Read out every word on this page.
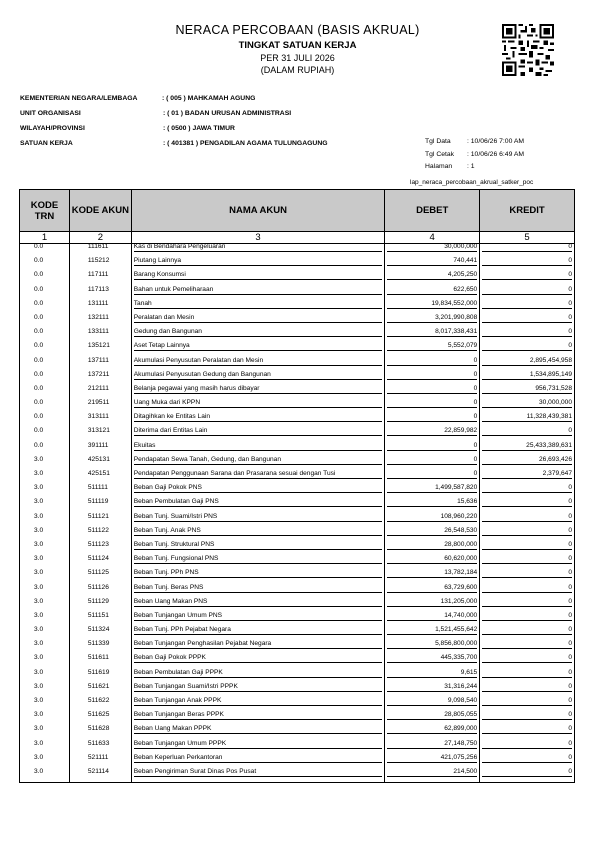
NERACA PERCOBAAN (BASIS AKRUAL)
TINGKAT SATUAN KERJA
PER 31 JULI 2026
(DALAM RUPIAH)
KEMENTERIAN NEGARA/LEMBAGA	: ( 005 ) MAHKAMAH AGUNG
UNIT ORGANISASI	: ( 01 ) BADAN URUSAN ADMINISTRASI
WILAYAH/PROVINSI	: ( 0500 ) JAWA TIMUR
SATUAN KERJA	: ( 401381 ) PENGADILAN AGAMA TULUNGAGUNG	Tgl Data : 10/06/26 7:00 AM
Tgl Cetak : 10/06/26 6:49 AM
Halaman : 1
lap_neraca_percobaan_akrual_satker_poc
KODE TRN	KODE AKUN	NAMA AKUN	DEBET	KREDIT
1	2	3	4	5
0.0	111611	Kas di Bendahara Pengeluaran	30,000,000	0

0.0	115212	Piutang Lainnya	740,441	0

0.0	117111	Barang Konsumsi	4,205,250	0

0.0	117113	Bahan untuk Pemeliharaan	622,650	0

0.0	131111	Tanah	19,834,552,000	0

0.0	132111	Peralatan dan Mesin	3,201,990,808	0

0.0	133111	Gedung dan Bangunan	8,017,338,431	0

0.0	135121	Aset Tetap Lainnya	5,552,079	0

0.0	137111	Akumulasi Penyusutan Peralatan dan Mesin	0	2,895,454,958

0.0	137211	Akumulasi Penyusutan Gedung dan Bangunan	0	1,534,895,149

0.0	212111	Belanja pegawai yang masih harus dibayar	0	956,731,528

0.0	219511	Uang Muka dari KPPN	0	30,000,000

0.0	313111	Ditagihkan ke Entitas Lain	0	11,328,439,381

0.0	313121	Diterima dari Entitas Lain	22,859,982	0

0.0	391111	Ekuitas	0	25,433,389,631

3.0	425131	Pendapatan Sewa Tanah, Gedung, dan Bangunan	0	26,693,426

3.0	425151	Pendapatan Penggunaan Sarana dan Prasarana sesuai dengan Tusi	0	2,379,647

3.0	511111	Beban Gaji Pokok PNS	1,499,587,820	0

3.0	511119	Beban Pembulatan Gaji PNS	15,636	0

3.0	511121	Beban Tunj. Suami/Istri PNS	108,960,220	0

3.0	511122	Beban Tunj. Anak PNS	26,548,530	0

3.0	511123	Beban Tunj. Struktural PNS	28,800,000	0

3.0	511124	Beban Tunj. Fungsional PNS	60,620,000	0

3.0	511125	Beban Tunj. PPh PNS	13,782,184	0

3.0	511126	Beban Tunj. Beras PNS	63,729,600	0

3.0	511129	Beban Uang Makan PNS	131,205,000	0

3.0	511151	Beban Tunjangan Umum PNS	14,740,000	0

3.0	511324	Beban Tunj. PPh Pejabat Negara	1,521,455,642	0

3.0	511339	Beban Tunjangan Penghasilan Pejabat Negara	5,856,800,000	0

3.0	511611	Beban Gaji Pokok PPPK	445,335,700	0

3.0	511619	Beban Pembulatan Gaji PPPK	9,615	0

3.0	511621	Beban Tunjangan Suami/Istri PPPK	31,316,244	0

3.0	511622	Beban Tunjangan Anak PPPK	9,098,540	0

3.0	511625	Beban Tunjangan Beras PPPK	28,805,055	0

3.0	511628	Beban Uang Makan PPPK	62,899,000	0

3.0	511633	Beban Tunjangan Umum PPPK	27,148,750	0

3.0	521111	Beban Keperluan Perkantoran	421,075,256	0

3.0	521114	Beban Pengiriman Surat Dinas Pos Pusat	214,500	0
